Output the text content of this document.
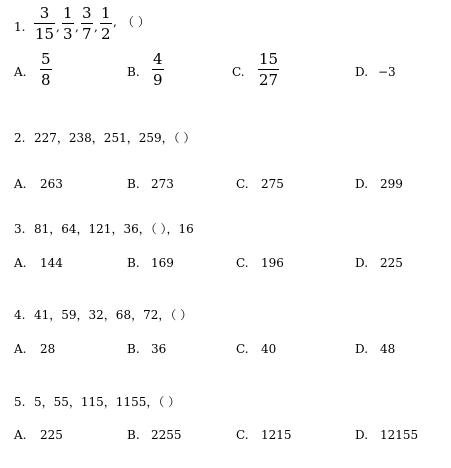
1.
3
15 ,
1
3 ,
3
7 ,
1
2
, （ ）
A.
5
8	B.
4
9	C.
15
27	D. −3
2. 227，238，251，259，（ ）
A. 263	B. 273	C. 275	D. 299
3. 81，64，121，36，（ ），16
A. 144	B. 169	C. 196	D. 225
4. 41，59，32，68，72，（ ）
A. 28	B. 36	C. 40	D. 48
5. 5，55，115，1155，（ ）
A. 225	B. 2255	C. 1215	D. 12155
